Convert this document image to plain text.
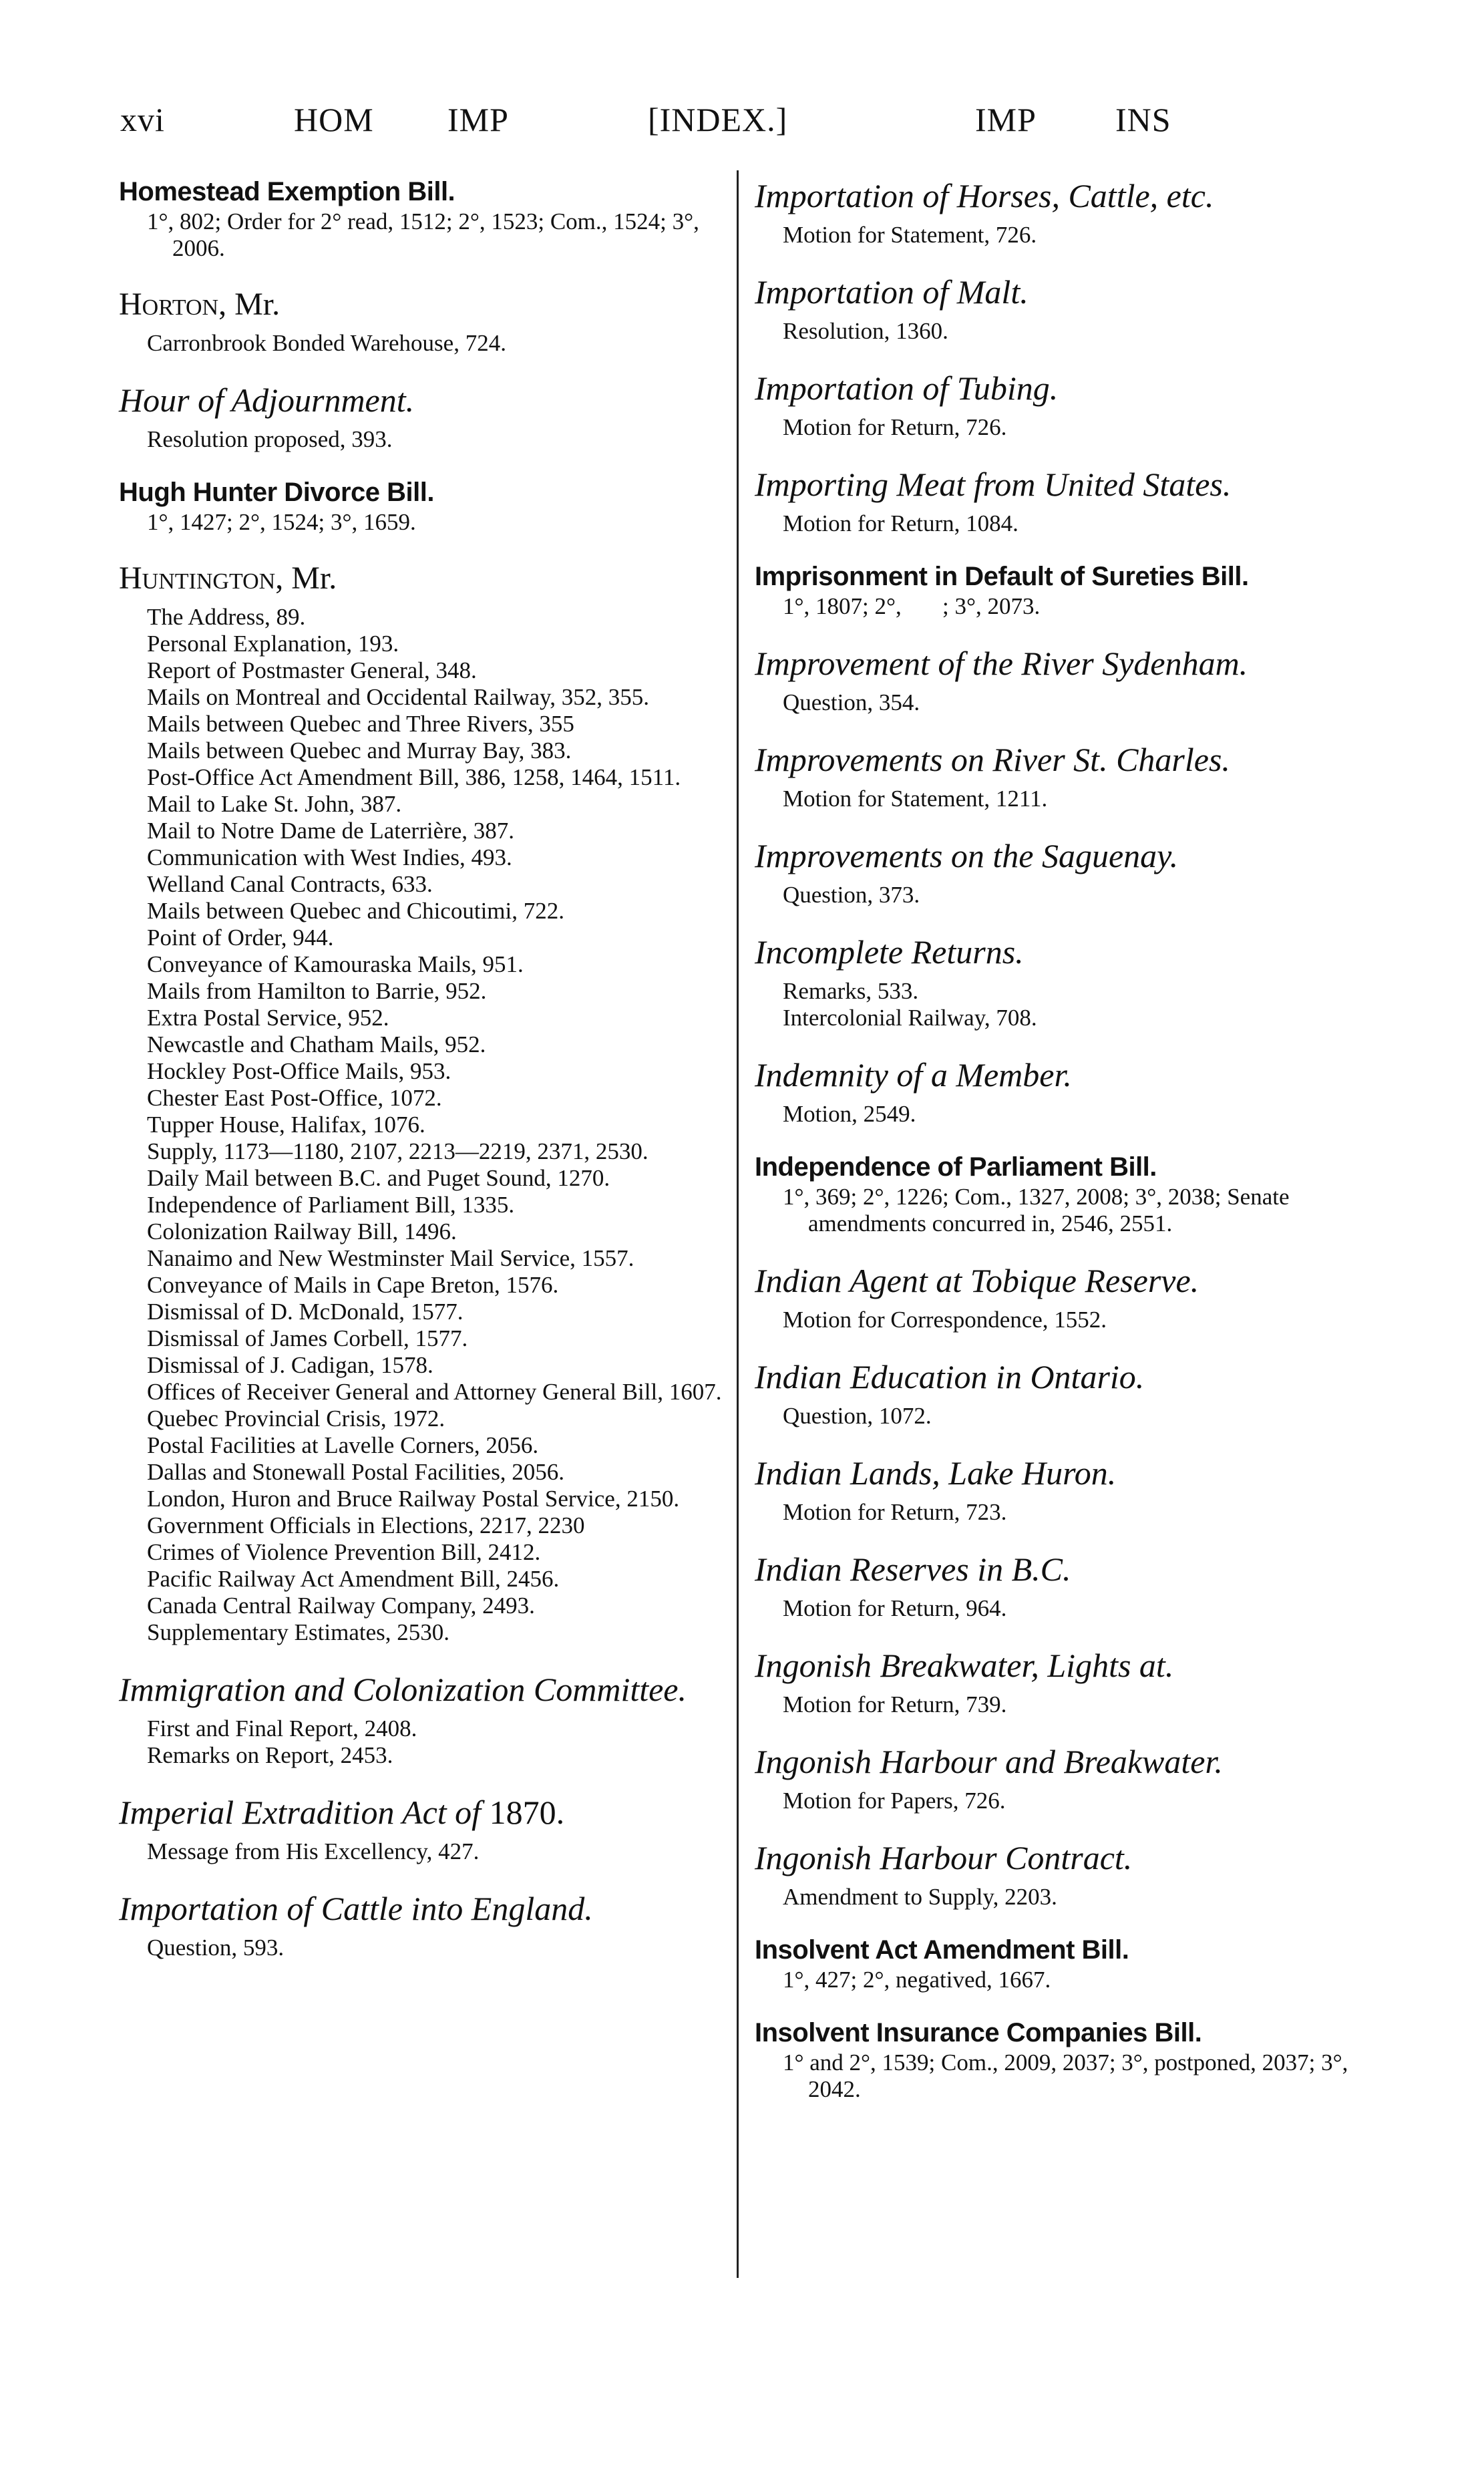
xvi	HOM IMP	[INDEX.]	IMP INS
Homestead Exemption Bill.
1°, 802; Order for 2° read, 1512; 2°, 1523; Com., 1524; 3°, 2006.
Horton, Mr.
Carronbrook Bonded Warehouse, 724.
Hour of Adjournment.
Resolution proposed, 393.
Hugh Hunter Divorce Bill.
1°, 1427; 2°, 1524; 3°, 1659.
Huntington, Mr.
The Address, 89.
Personal Explanation, 193.
Report of Postmaster General, 348.
Mails on Montreal and Occidental Railway, 352, 355.
Mails between Quebec and Three Rivers, 355
Mails between Quebec and Murray Bay, 383.
Post-Office Act Amendment Bill, 386, 1258, 1464, 1511.
Mail to Lake St. John, 387.
Mail to Notre Dame de Laterrière, 387.
Communication with West Indies, 493.
Welland Canal Contracts, 633.
Mails between Quebec and Chicoutimi, 722.
Point of Order, 944.
Conveyance of Kamouraska Mails, 951.
Mails from Hamilton to Barrie, 952.
Extra Postal Service, 952.
Newcastle and Chatham Mails, 952.
Hockley Post-Office Mails, 953.
Chester East Post-Office, 1072.
Tupper House, Halifax, 1076.
Supply, 1173—1180, 2107, 2213—2219, 2371, 2530.
Daily Mail between B.C. and Puget Sound, 1270.
Independence of Parliament Bill, 1335.
Colonization Railway Bill, 1496.
Nanaimo and New Westminster Mail Service, 1557.
Conveyance of Mails in Cape Breton, 1576.
Dismissal of D. McDonald, 1577.
Dismissal of James Corbell, 1577.
Dismissal of J. Cadigan, 1578.
Offices of Receiver General and Attorney General Bill, 1607.
Quebec Provincial Crisis, 1972.
Postal Facilities at Lavelle Corners, 2056.
Dallas and Stonewall Postal Facilities, 2056.
London, Huron and Bruce Railway Postal Service, 2150.
Government Officials in Elections, 2217, 2230
Crimes of Violence Prevention Bill, 2412.
Pacific Railway Act Amendment Bill, 2456.
Canada Central Railway Company, 2493.
Supplementary Estimates, 2530.
Immigration and Colonization Committee.
First and Final Report, 2408.
Remarks on Report, 2453.
Imperial Extradition Act of 1870.
Message from His Excellency, 427.
Importation of Cattle into England.
Question, 593.
Importation of Horses, Cattle, etc.
Motion for Statement, 726.
Importation of Malt.
Resolution, 1360.
Importation of Tubing.
Motion for Return, 726.
Importing Meat from United States.
Motion for Return, 1084.
Imprisonment in Default of Sureties Bill.
1°, 1807; 2°,       ; 3°, 2073.
Improvement of the River Sydenham.
Question, 354.
Improvements on River St. Charles.
Motion for Statement, 1211.
Improvements on the Saguenay.
Question, 373.
Incomplete Returns.
Remarks, 533.
Intercolonial Railway, 708.
Indemnity of a Member.
Motion, 2549.
Independence of Parliament Bill.
1°, 369; 2°, 1226; Com., 1327, 2008; 3°, 2038; Senate amendments concurred in, 2546, 2551.
Indian Agent at Tobique Reserve.
Motion for Correspondence, 1552.
Indian Education in Ontario.
Question, 1072.
Indian Lands, Lake Huron.
Motion for Return, 723.
Indian Reserves in B.C.
Motion for Return, 964.
Ingonish Breakwater, Lights at.
Motion for Return, 739.
Ingonish Harbour and Breakwater.
Motion for Papers, 726.
Ingonish Harbour Contract.
Amendment to Supply, 2203.
Insolvent Act Amendment Bill.
1°, 427; 2°, negatived, 1667.
Insolvent Insurance Companies Bill.
1° and 2°, 1539; Com., 2009, 2037; 3°, postponed, 2037; 3°, 2042.
